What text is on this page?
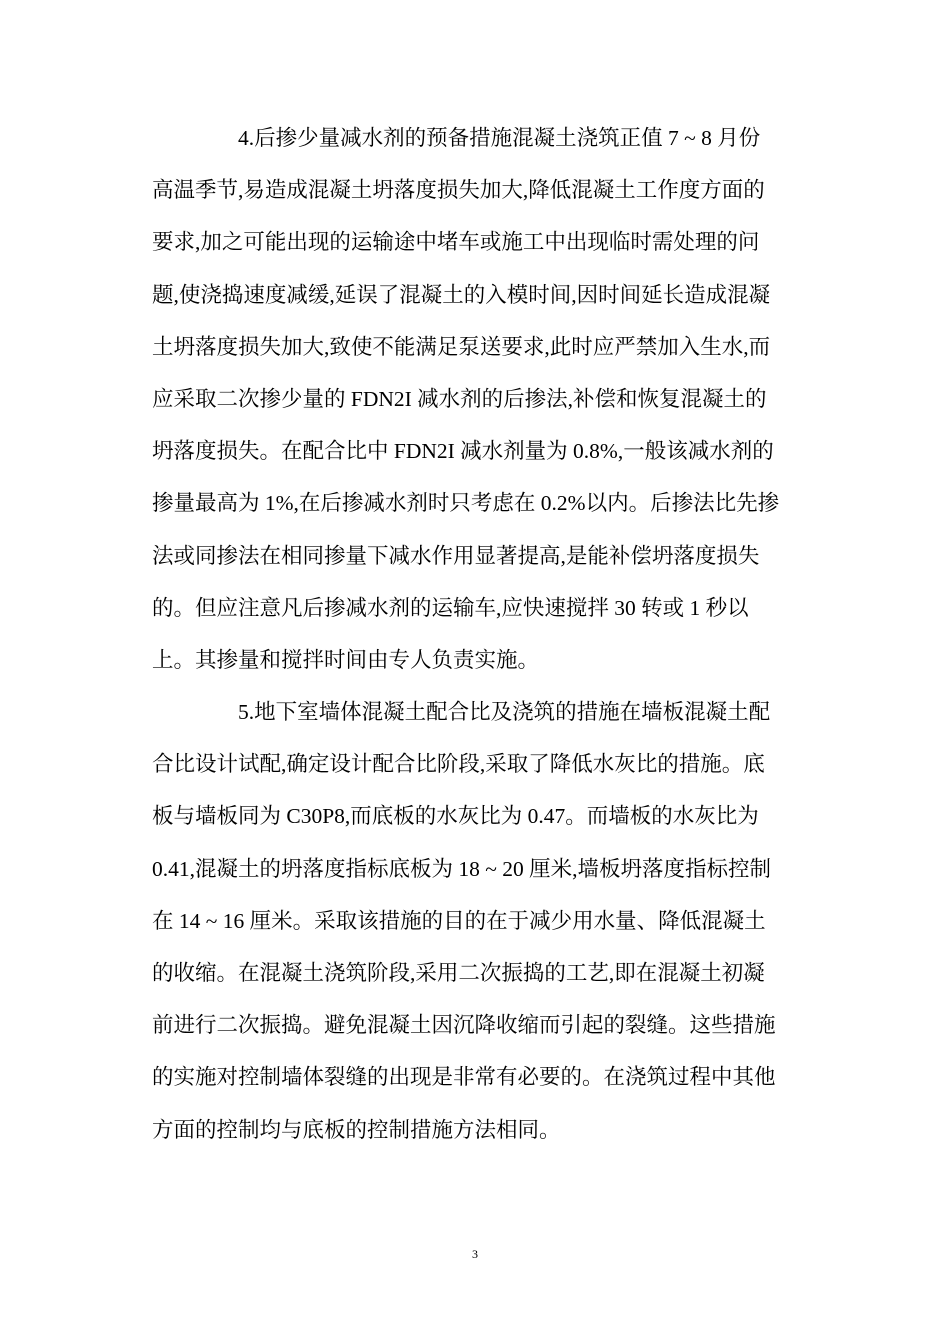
4.后掺少量减水剂的预备措施混凝土浇筑正值 7 ~ 8 月份
高温季节,易造成混凝土坍落度损失加大,降低混凝土工作度方面的
要求,加之可能出现的运输途中堵车或施工中出现临时需处理的问
题,使浇捣速度减缓,延误了混凝土的入模时间,因时间延长造成混凝
土坍落度损失加大,致使不能满足泵送要求,此时应严禁加入生水,而
应采取二次掺少量的 FDN2I 减水剂的后掺法,补偿和恢复混凝土的
坍落度损失。在配合比中 FDN2I 减水剂量为 0.8%,一般该减水剂的
掺量最高为 1%,在后掺减水剂时只考虑在 0.2%以内。后掺法比先掺
法或同掺法在相同掺量下减水作用显著提高,是能补偿坍落度损失
的。但应注意凡后掺减水剂的运输车,应快速搅拌 30 转或 1 秒以
上。其掺量和搅拌时间由专人负责实施。
5.地下室墙体混凝土配合比及浇筑的措施在墙板混凝土配
合比设计试配,确定设计配合比阶段,采取了降低水灰比的措施。底
板与墙板同为 C30P8,而底板的水灰比为 0.47。而墙板的水灰比为
0.41,混凝土的坍落度指标底板为 18 ~ 20 厘米,墙板坍落度指标控制
在 14 ~ 16 厘米。采取该措施的目的在于减少用水量、降低混凝土
的收缩。在混凝土浇筑阶段,采用二次振捣的工艺,即在混凝土初凝
前进行二次振捣。避免混凝土因沉降收缩而引起的裂缝。这些措施
的实施对控制墙体裂缝的出现是非常有必要的。在浇筑过程中其他
方面的控制均与底板的控制措施方法相同。
3
